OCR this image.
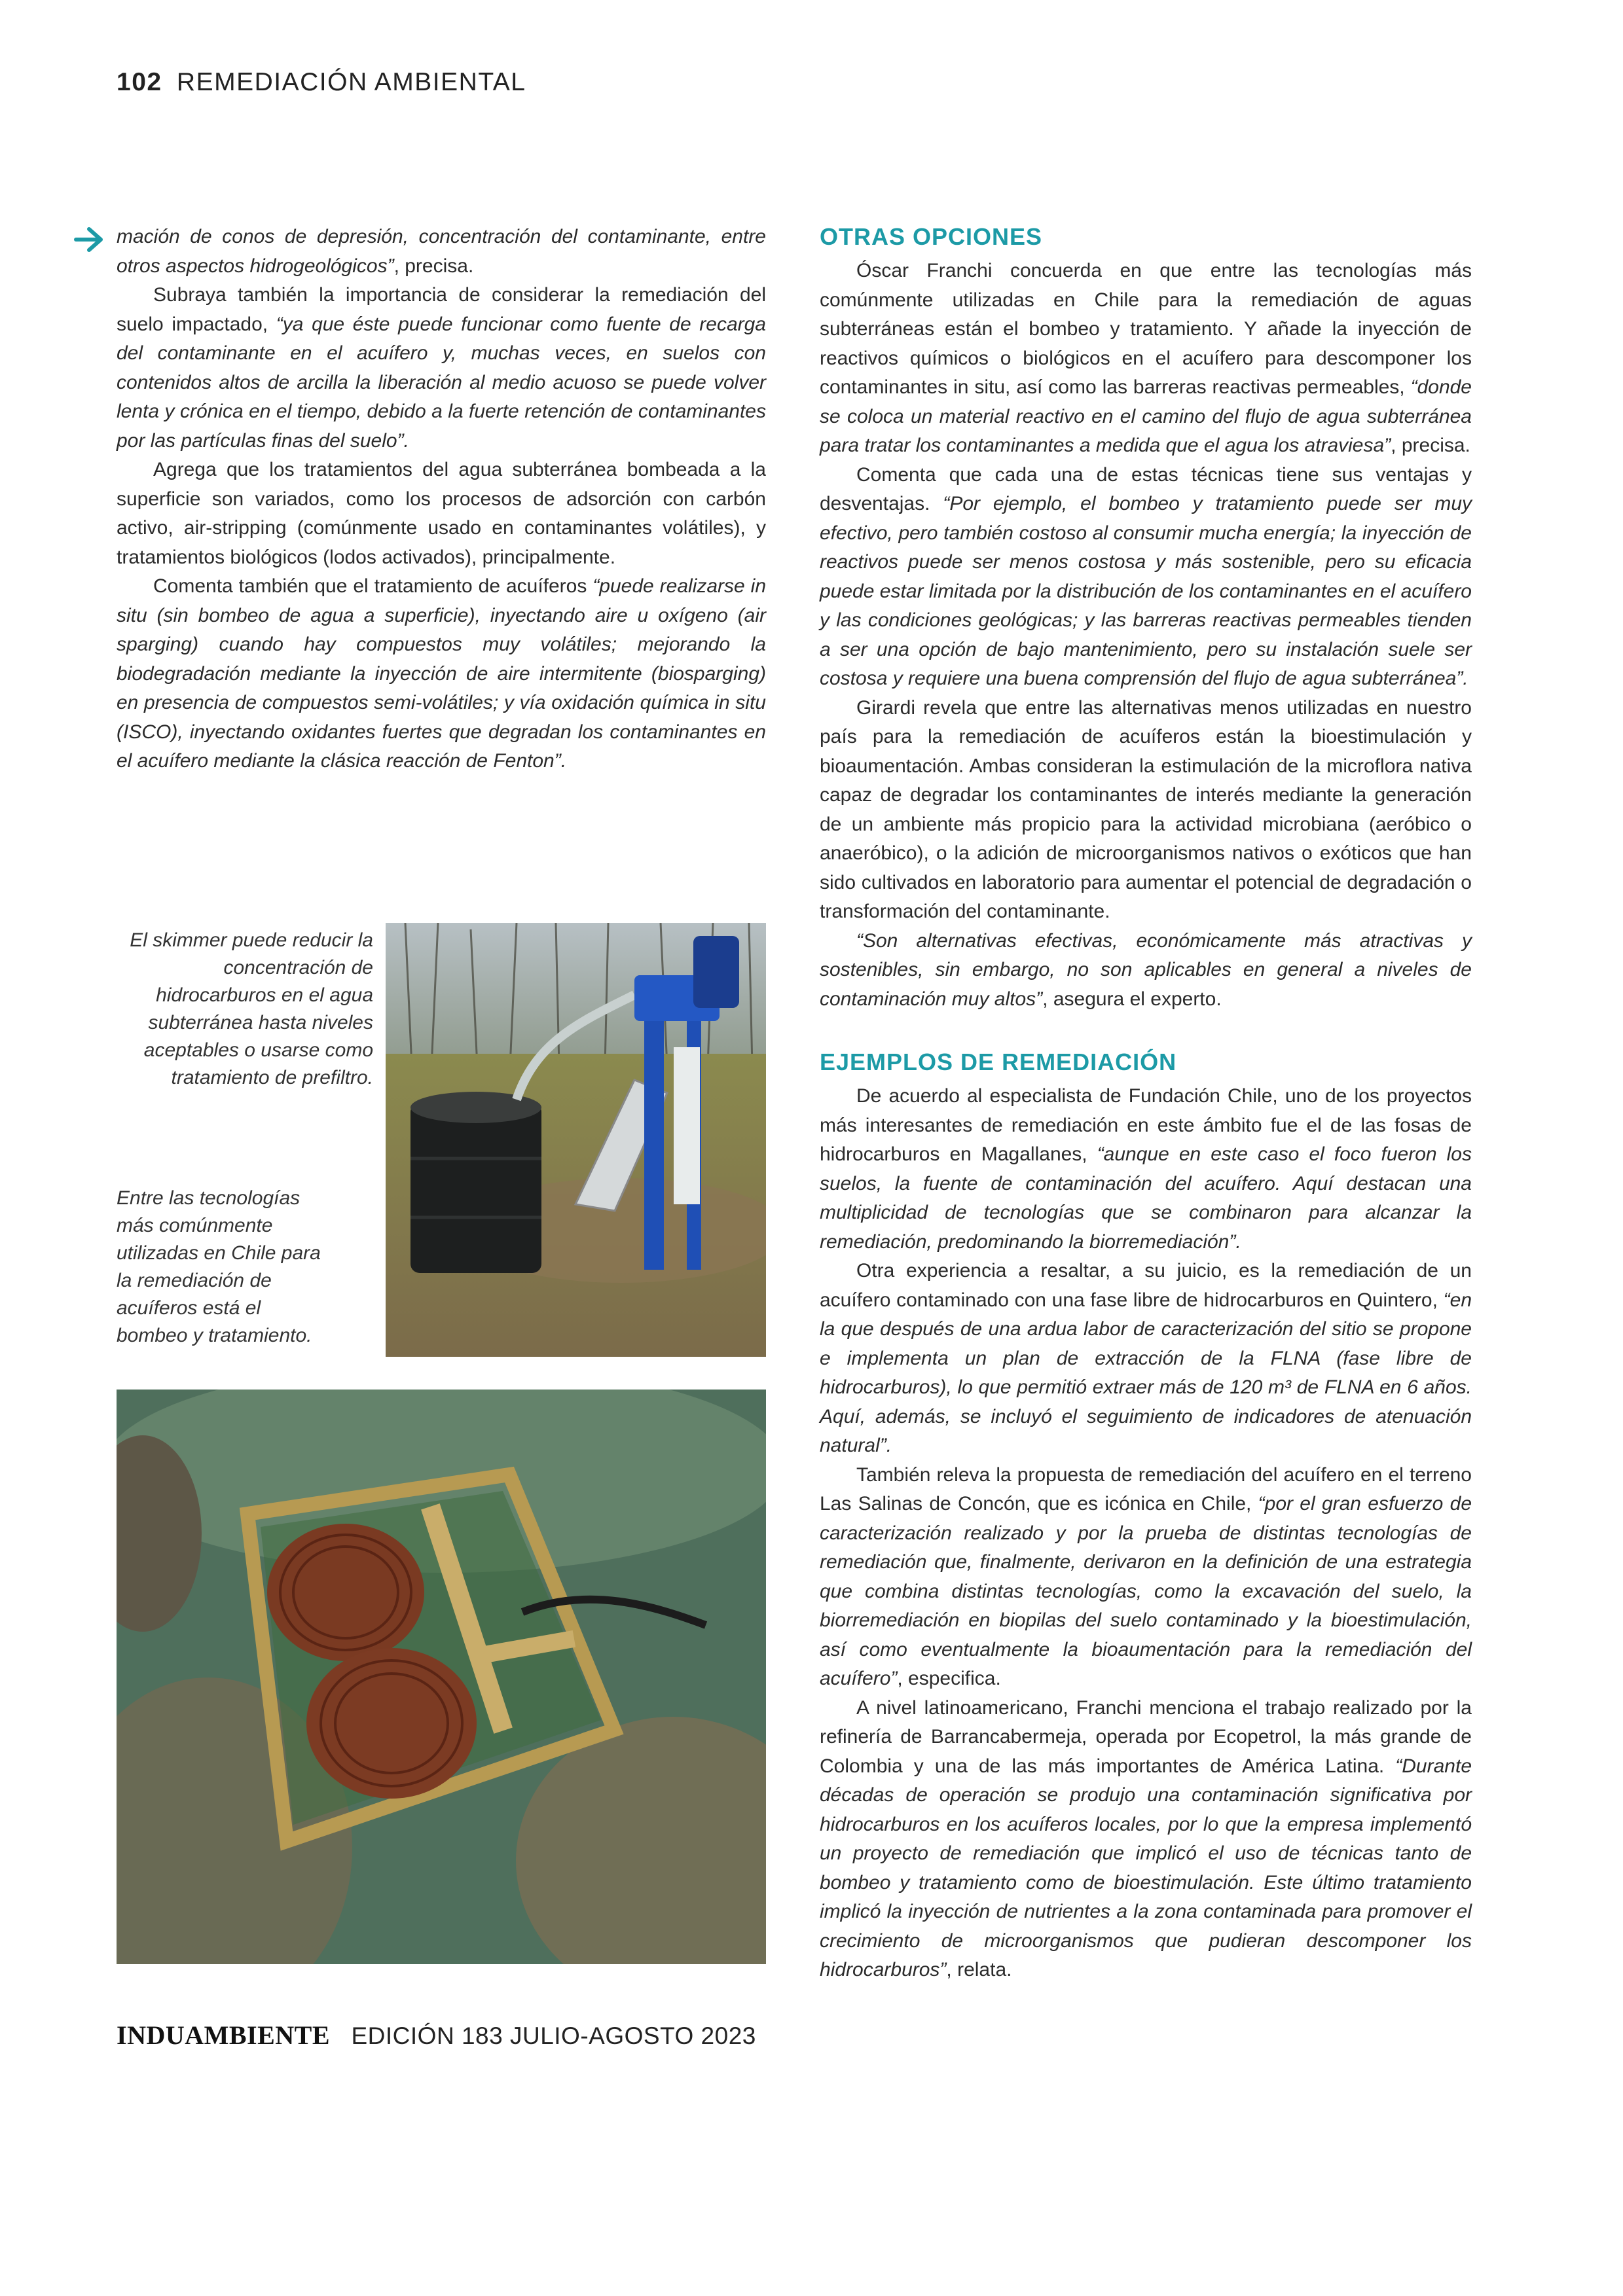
102 REMEDIACIÓN AMBIENTAL

mación de conos de depresión, concentración del contaminante, entre otros aspectos hidrogeológicos”, precisa.

Subraya también la importancia de considerar la remediación del suelo impactado, “ya que éste puede funcionar como fuente de recarga del contaminante en el acuífero y, muchas veces, en suelos con contenidos altos de arcilla la liberación al medio acuoso se puede volver lenta y crónica en el tiempo, debido a la fuerte retención de contaminantes por las partículas finas del suelo”.

Agrega que los tratamientos del agua subterránea bombeada a la superficie son variados, como los procesos de adsorción con carbón activo, air-stripping (comúnmente usado en contaminantes volátiles), y tratamientos biológicos (lodos activados), principalmente.

Comenta también que el tratamiento de acuíferos “puede realizarse in situ (sin bombeo de agua a superficie), inyectando aire u oxígeno (air sparging) cuando hay compuestos muy volátiles; mejorando la biodegradación mediante la inyección de aire intermitente (biosparging) en presencia de compuestos semi-volátiles; y vía oxidación química in situ (ISCO), inyectando oxidantes fuertes que degradan los contaminantes en el acuífero mediante la clásica reacción de Fenton”.

El skimmer puede reducir la concentración de hidrocarburos en el agua subterránea hasta niveles aceptables o usarse como tratamiento de prefiltro.
Entre las tecnologías más comúnmente utilizadas en Chile para la remediación de acuíferos está el bombeo y tratamiento.
OTRAS OPCIONES

Óscar Franchi concuerda en que entre las tecnologías más comúnmente utilizadas en Chile para la remediación de aguas subterráneas están el bombeo y tratamiento. Y añade la inyección de reactivos químicos o biológicos en el acuífero para descomponer los contaminantes in situ, así como las barreras reactivas permeables, “donde se coloca un material reactivo en el camino del flujo de agua subterránea para tratar los contaminantes a medida que el agua los atraviesa”, precisa.

Comenta que cada una de estas técnicas tiene sus ventajas y desventajas. “Por ejemplo, el bombeo y tratamiento puede ser muy efectivo, pero también costoso al consumir mucha energía; la inyección de reactivos puede ser menos costosa y más sostenible, pero su eficacia puede estar limitada por la distribución de los contaminantes en el acuífero y las condiciones geológicas; y las barreras reactivas permeables tienden a ser una opción de bajo mantenimiento, pero su instalación suele ser costosa y requiere una buena comprensión del flujo de agua subterránea”.

Girardi revela que entre las alternativas menos utilizadas en nuestro país para la remediación de acuíferos están la bioestimulación y bioaumentación. Ambas consideran la estimulación de la microflora nativa capaz de degradar los contaminantes de interés mediante la generación de un ambiente más propicio para la actividad microbiana (aeróbico o anaeróbico), o la adición de microorganismos nativos o exóticos que han sido cultivados en laboratorio para aumentar el potencial de degradación o transformación del contaminante.

“Son alternativas efectivas, económicamente más atractivas y sostenibles, sin embargo, no son aplicables en general a niveles de contaminación muy altos”, asegura el experto.

EJEMPLOS DE REMEDIACIÓN

De acuerdo al especialista de Fundación Chile, uno de los proyectos más interesantes de remediación en este ámbito fue el de las fosas de hidrocarburos en Magallanes, “aunque en este caso el foco fueron los suelos, la fuente de contaminación del acuífero. Aquí destacan una multiplicidad de tecnologías que se combinaron para alcanzar la remediación, predominando la biorremediación”.

Otra experiencia a resaltar, a su juicio, es la remediación de un acuífero contaminado con una fase libre de hidrocarburos en Quintero, “en la que después de una ardua labor de caracterización del sitio se propone e implementa un plan de extracción de la FLNA (fase libre de hidrocarburos), lo que permitió extraer más de 120 m³ de FLNA en 6 años. Aquí, además, se incluyó el seguimiento de indicadores de atenuación natural”.

También releva la propuesta de remediación del acuífero en el terreno Las Salinas de Concón, que es icónica en Chile, “por el gran esfuerzo de caracterización realizado y por la prueba de distintas tecnologías de remediación que, finalmente, derivaron en la definición de una estrategia que combina distintas tecnologías, como la excavación del suelo, la biorremediación en biopilas del suelo contaminado y la bioestimulación, así como eventualmente la bioaumentación para la remediación del acuífero”, especifica.

A nivel latinoamericano, Franchi menciona el trabajo realizado por la refinería de Barrancabermeja, operada por Ecopetrol, la más grande de Colombia y una de las más importantes de América Latina. “Durante décadas de operación se produjo una contaminación significativa por hidrocarburos en los acuíferos locales, por lo que la empresa implementó un proyecto de remediación que implicó el uso de técnicas tanto de bombeo y tratamiento como de bioestimulación. Este último tratamiento implicó la inyección de nutrientes a la zona contaminada para promover el crecimiento de microorganismos que pudieran descomponer los hidrocarburos”, relata.

INDUAMBIENTE EDICIÓN 183 JULIO-AGOSTO 2023
